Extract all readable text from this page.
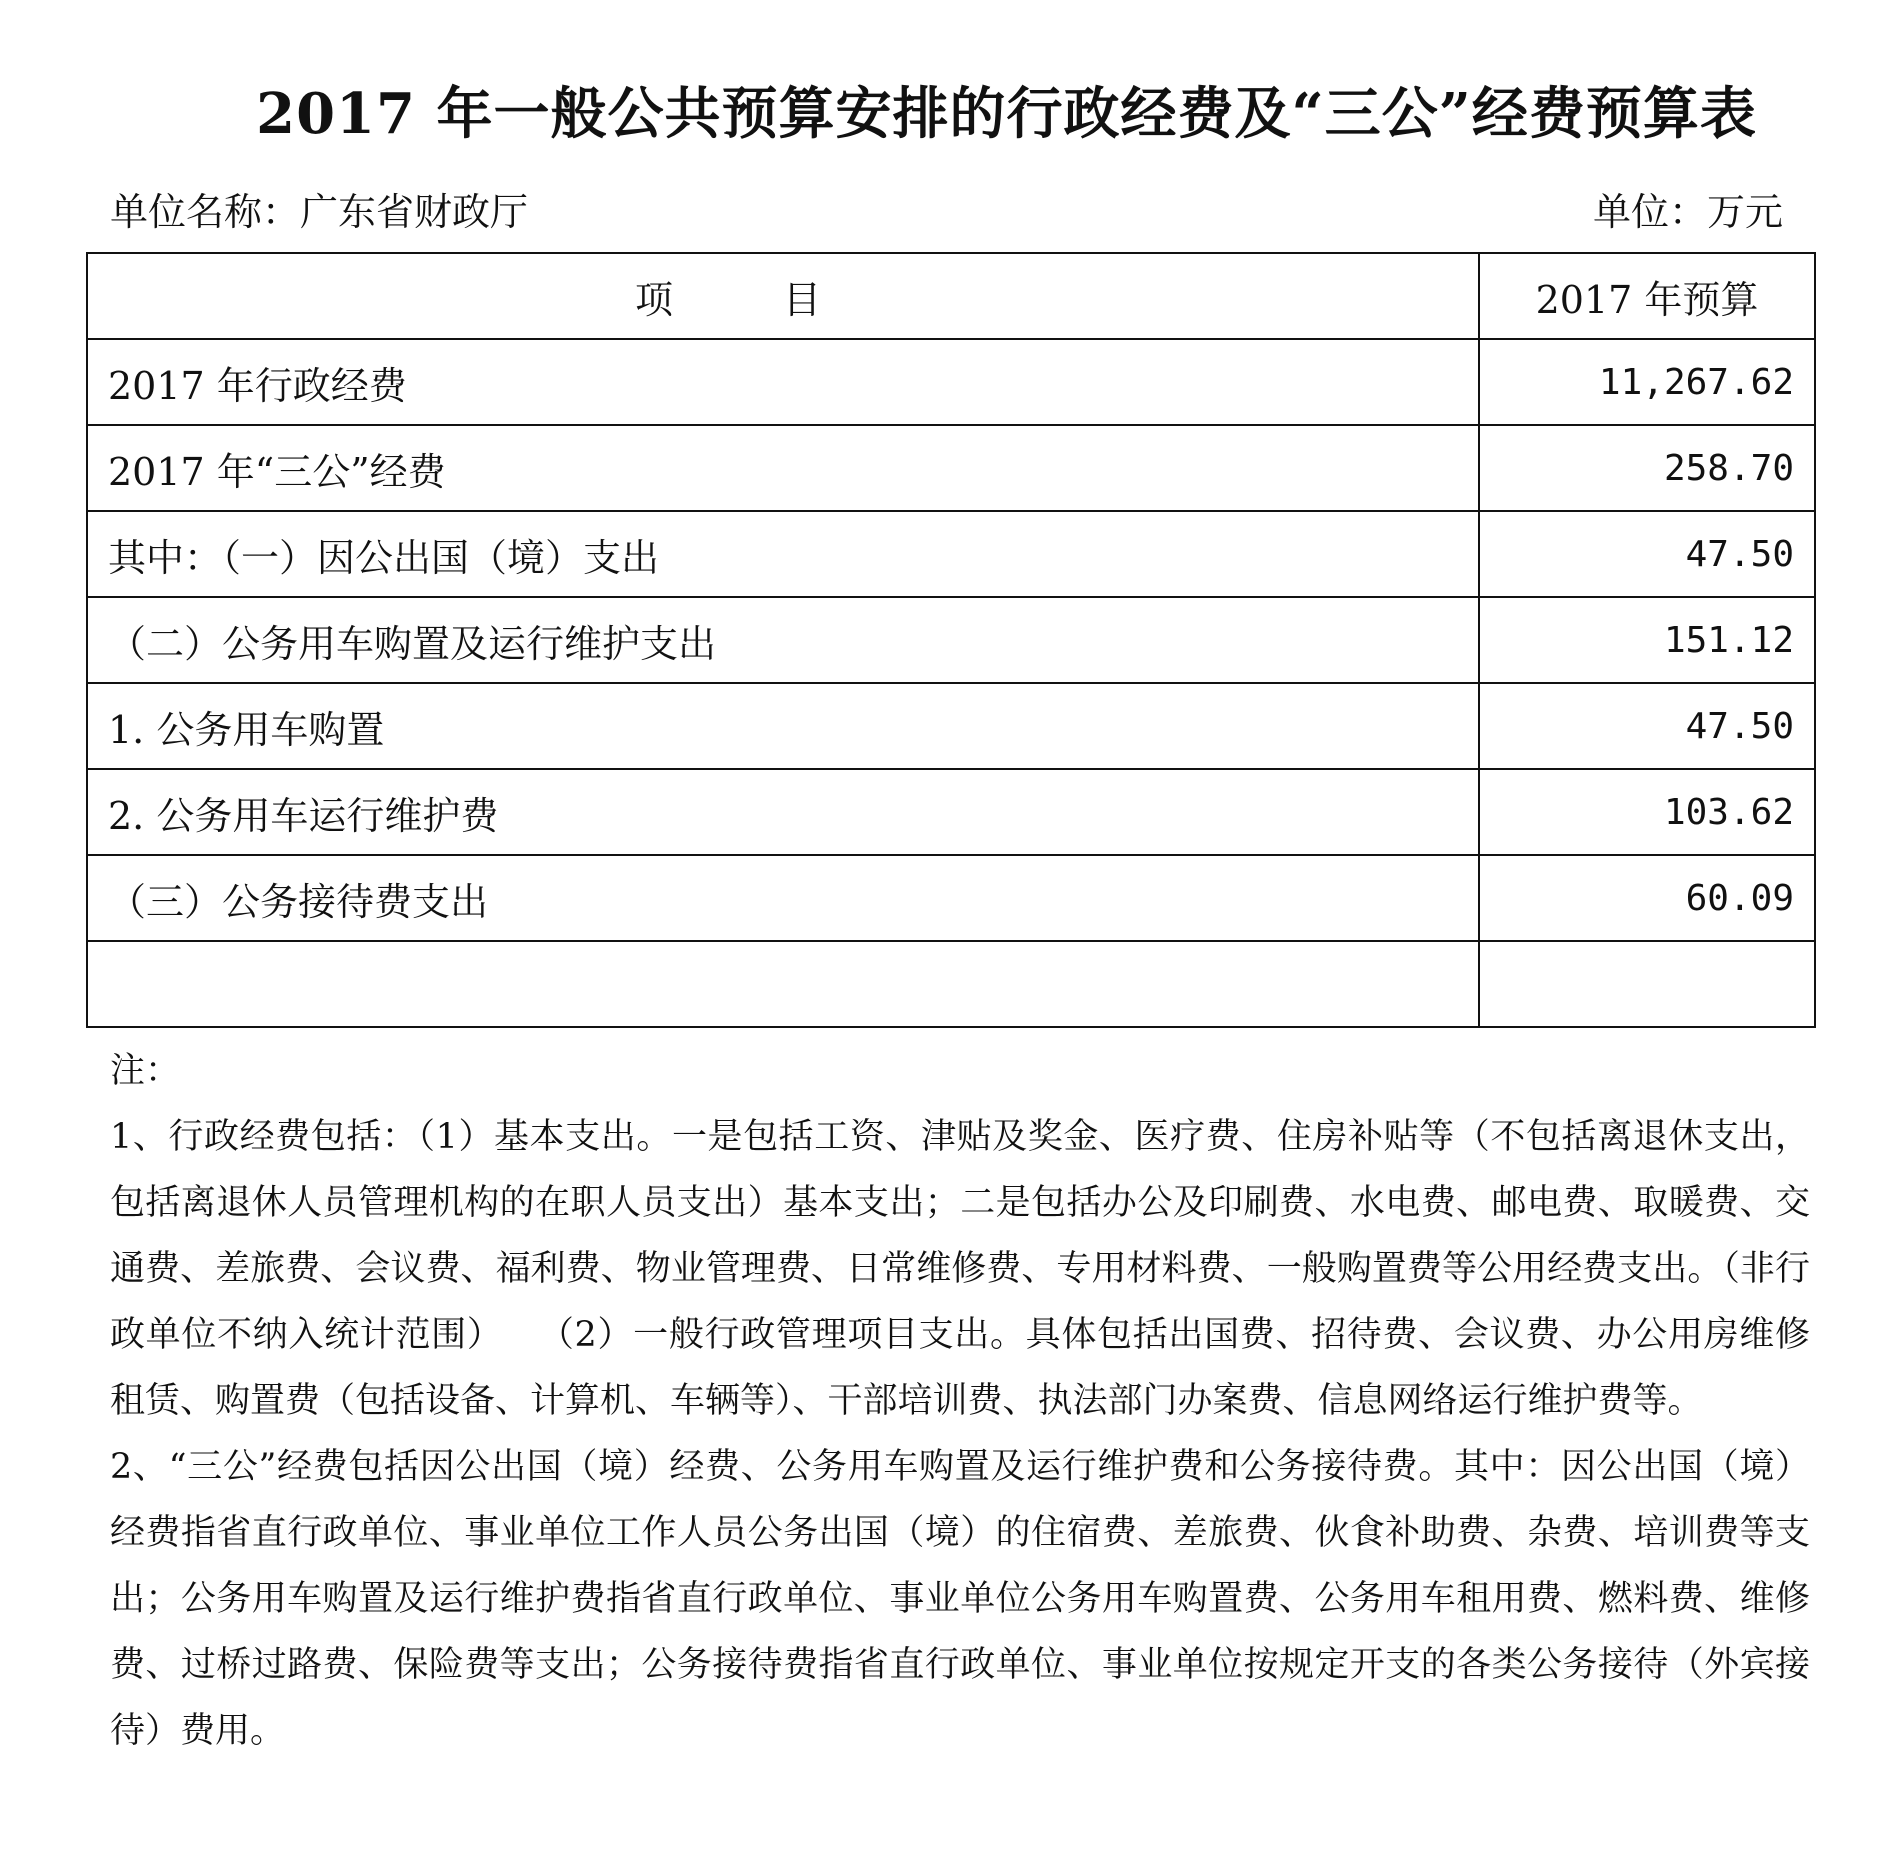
2017 年一般公共预算安排的行政经费及“三公”经费预算表
单位名称：广东省财政厅	单位：万元
项目	2017 年预算
2017 年行政经费	11,267.62
2017 年“三公”经费	258.70
其中：（一）因公出国（境）支出	47.50
（二）公务用车购置及运行维护支出	151.12
1. 公务用车购置	47.50
2. 公务用车运行维护费	103.62
（三）公务接待费支出	60.09

注：

1、行政经费包括：（1）基本支出。一是包括工资、津贴及奖金、医疗费、住房补贴等（不包括离退休支出，包括离退休人员管理机构的在职人员支出）基本支出；二是包括办公及印刷费、水电费、邮电费、取暖费、交通费、差旅费、会议费、福利费、物业管理费、日常维修费、专用材料费、一般购置费等公用经费支出。（非行政单位不纳入统计范围）　　（2）一般行政管理项目支出。具体包括出国费、招待费、会议费、办公用房维修租赁、购置费（包括设备、计算机、车辆等）、干部培训费、执法部门办案费、信息网络运行维护费等。

2、“三公”经费包括因公出国（境）经费、公务用车购置及运行维护费和公务接待费。其中：因公出国（境）经费指省直行政单位、事业单位工作人员公务出国（境）的住宿费、差旅费、伙食补助费、杂费、培训费等支出；公务用车购置及运行维护费指省直行政单位、事业单位公务用车购置费、公务用车租用费、燃料费、维修费、过桥过路费、保险费等支出；公务接待费指省直行政单位、事业单位按规定开支的各类公务接待（外宾接待）费用。
